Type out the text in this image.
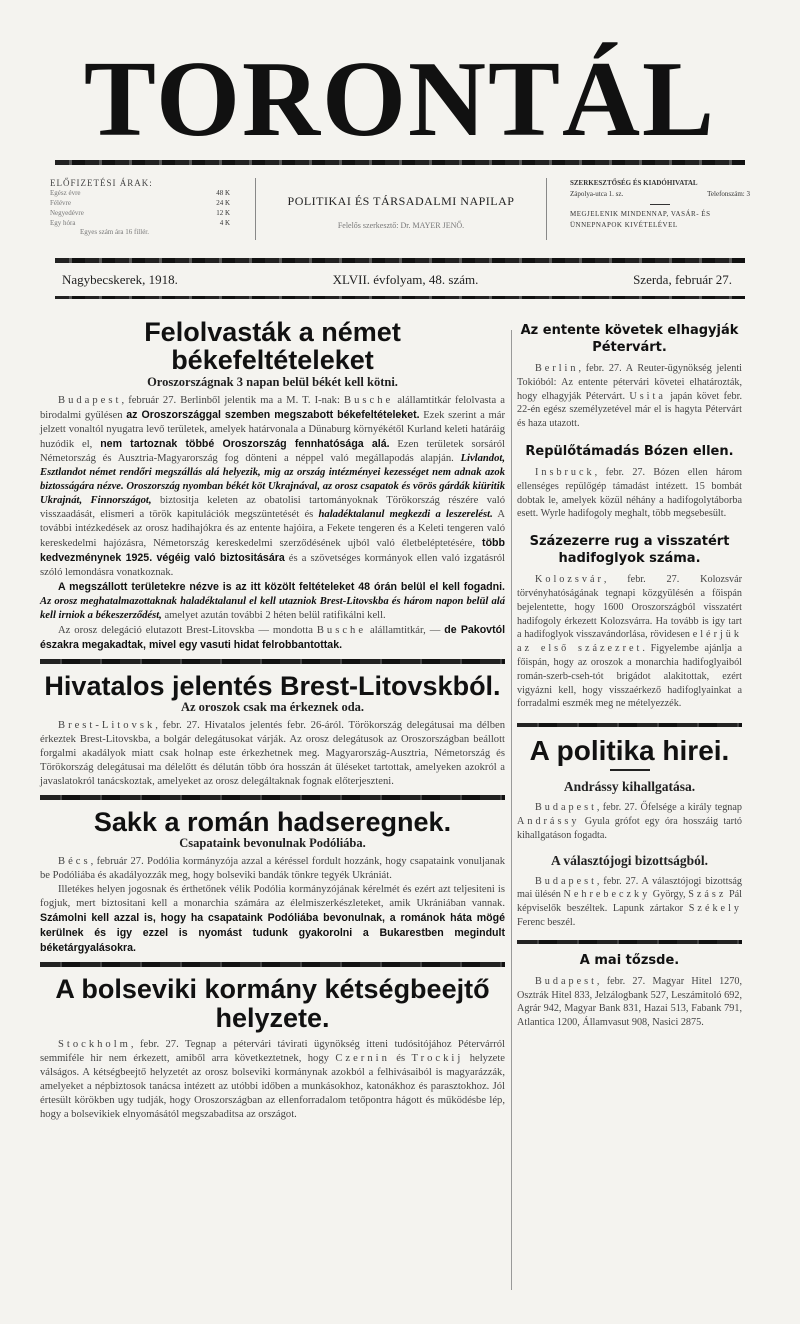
TORONTÁL
ELŐFIZETÉSI ÁRAK:
Egész évre	48 K
Félévre	24 K
Negyedévre	12 K
Egy hóra	4 K
Egyes szám ára 16 fillér.
POLITIKAI ÉS TÁRSADALMI NAPILAP
Felelős szerkesztő: Dr. MAYER JENŐ.
SZERKESZTŐSÉG ÉS KIADÓHIVATAL
Zápolya-utca 1. sz.	Telefonszám: 3
MEGJELENIK MINDENNAP, VASÁR- ÉS ÜNNEPNAPOK KIVÉTELÉVEL
Nagybecskerek, 1918.	XLVII. évfolyam, 48. szám.	Szerda, február 27.
Felolvasták a német békefeltételeket
Oroszországnak 3 napan belül békét kell kötni.

Budapest, február 27. Berlinből jelentik ma a M. T. I-nak: Busche alállamtitkár felolvasta a birodalmi gyűlésen az Oroszországgal szemben megszabott békefeltételeket. Ezek szerint a már jelzett vonaltól nyugatra levő területek, amelyek határvonala a Dünaburg környékétől Kurland keleti határáig huzódik el, nem tartoznak többé Oroszország fennhatósága alá. Ezen területek sorsáról Németország és Ausztria-Magyarország fog dönteni a néppel való megállapodás alapján. Livlandot, Esztlandot német rendőri megszállás alá helyezik, mig az ország intézményei kezességet nem adnak azok biztosságára nézve. Oroszország nyomban békét köt Ukrajnával, az orosz csapatok és vörös gárdák kiüritik Ukrajnát, Finnországot, biztositja keleten az obatolisi tartományoknak Törökország részére való visszaadását, elismeri a török kapitulációk megszüntetését és haladéktalanul megkezdi a leszerelést. A további intézkedések az orosz hadihajókra és az entente hajóira, a Fekete tengeren és a Keleti tengeren való kereskedelmi hajózásra, Németország kereskedelmi szerződésének ujból való életbeléptetésére, több kedvezménynek 1925. végéig való biztositására és a szövetséges kormányok ellen való izgatásról szóló lemondásra vonatkoznak.

A megszállott területekre nézve is az itt közölt feltételeket 48 órán belül el kell fogadni. Az orosz meghatalmazottaknak haladéktalanul el kell utazniok Brest-Litovskba és három napon belül alá kell irniok a békeszerződést, amelyet azután további 2 héten belül ratifikálni kell.

Az orosz delegáció elutazott Brest-Litovskba — mondotta Busche alállamtitkár, — de Pakovtól északra megakadtak, mivel egy vasuti hidat felrobbantottak.

Hivatalos jelentés Brest-Litovskból.
Az oroszok csak ma érkeznek oda.

Brest-Litovsk, febr. 27. Hivatalos jelentés febr. 26-áról. Törökország delegátusai ma délben érkeztek Brest-Litovskba, a bolgár delegátusokat várják. Az orosz delegátusok az Oroszországban beállott forgalmi akadályok miatt csak holnap este érkezhetnek meg. Magyarország-Ausztria, Németország és Törökország delegátusai ma délelőtt és délután több óra hosszán át üléseket tartottak, amelyeken azokról a javaslatokról tanácskoztak, amelyeket az orosz delegáltaknak fognak előterjeszteni.

Sakk a román hadseregnek.
Csapataink bevonulnak Podóliába.

Bécs, február 27. Podólia kormányzója azzal a kéréssel fordult hozzánk, hogy csapataink vonuljanak be Podóliába és akadályozzák meg, hogy bolseviki bandák tönkre tegyék Ukrániát.

Illetékes helyen jogosnak és érthetőnek vélik Podólia kormányzójának kérelmét és ezért azt teljesiteni is fogjuk, mert biztositani kell a monarchia számára az élelmiszerkészleteket, amik Ukrániában vannak. Számolni kell azzal is, hogy ha csapataink Podóliába bevonulnak, a románok háta mögé kerülnek és igy ezzel is nyomást tudunk gyakorolni a Bukarestben megindult béketárgyalásokra.

A bolseviki kormány kétségbeejtő helyzete.

Stockholm, febr. 27. Tegnap a pétervári távirati ügynökség itteni tudósitójához Pétervárról semmiféle hir nem érkezett, amiből arra következtetnek, hogy Czernin és Trockij helyzete válságos. A kétségbeejtő helyzetét az orosz bolseviki kormánynak azokból a felhivásaiból is magyarázzák, amelyeket a népbiztosok tanácsa intézett az utóbbi időben a munkásokhoz, katonákhoz és parasztokhoz. Jól értesült körökben ugy tudják, hogy Oroszországban az ellenforradalom tetőpontra hágott és működésbe lép, hogy a bolsevikiek elnyomásától megszabaditsa az országot.

Az entente követek elhagyják Pétervárt.

Berlin, febr. 27. A Reuter-ügynökség jelenti Tokióból: Az entente pétervári követei elhatározták, hogy elhagyják Pétervárt. Usita japán követ febr. 22-én egész személyzetével már el is hagyta Pétervárt és haza utazott.

Repülőtámadás Bózen ellen.

Insbruck, febr. 27. Bózen ellen három ellenséges repülőgép támadást intézett. 15 bombát dobtak le, amelyek közül néhány a hadifogolytáborba esett. Wyrle hadifogoly meghalt, több megsebesült.

Százezerre rug a visszatért hadifoglyok száma.

Kolozsvár, febr. 27. Kolozsvár törvényhatóságának tegnapi közgyülésén a főispán bejelentette, hogy 1600 Oroszországból visszatért hadifogoly érkezett Kolozsvárra. Ha tovább is igy tart a hadifoglyok visszavándorlása, rövidesen elérjük az első százezret. Figyelembe ajánlja a főispán, hogy az oroszok a monarchia hadifoglyaiból román-szerb-cseh-tót brigádot alakitottak, ezért vigyázni kell, hogy visszaérkező hadifoglyainkat a forradalmi eszmék meg ne mételyezzék.

A politika hirei.
Andrássy kihallgatása.

Budapest, febr. 27. Őfelsége a király tegnap Andrássy Gyula grófot egy óra hosszáig tartó kihallgatáson fogadta.

A választójogi bizottságból.

Budapest, febr. 27. A választójogi bizottság mai ülésén Nehrebeczky György, Szász Pál képviselők beszéltek. Lapunk zártakor Székely Ferenc beszél.

A mai tőzsde.

Budapest, febr. 27. Magyar Hitel 1270, Osztrák Hitel 833, Jelzálogbank 527, Leszámitoló 692, Agrár 942, Magyar Bank 831, Hazai 513, Fabank 791, Atlantica 1200, Államvasut 908, Nasici 2875.
